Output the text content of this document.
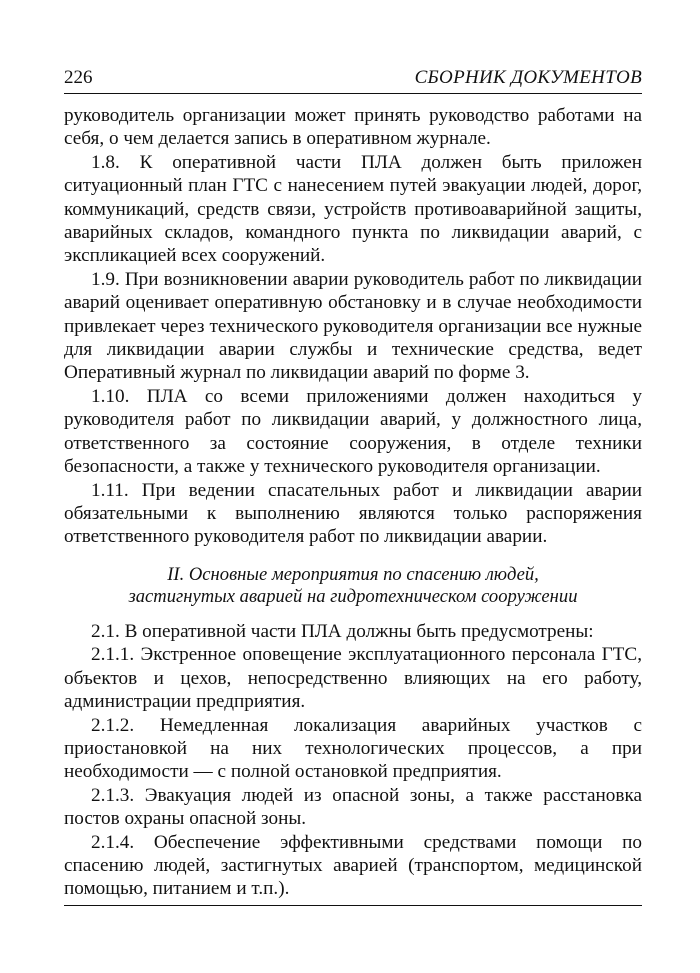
226	СБОРНИК ДОКУМЕНТОВ

руководитель организации может принять руководство работами на себя, о чем делается запись в оперативном журнале.

1.8. К оперативной части ПЛА должен быть приложен ситуационный план ГТС с нанесением путей эвакуации людей, дорог, коммуникаций, средств связи, устройств противоаварийной защиты, аварийных складов, командного пункта по ликвидации аварий, с экспликацией всех сооружений.

1.9. При возникновении аварии руководитель работ по ликвидации аварий оценивает оперативную обстановку и в случае необходимости привлекает через технического руководителя организации все нужные для ликвидации аварии службы и технические средства, ведет Оперативный журнал по ликвидации аварий по форме 3.

1.10. ПЛА со всеми приложениями должен находиться у руководителя работ по ликвидации аварий, у должностного лица, ответственного за состояние сооружения, в отделе техники безопасности, а также у технического руководителя организации.

1.11. При ведении спасательных работ и ликвидации аварии обязательными к выполнению являются только распоряжения ответственного руководителя работ по ликвидации аварии.

II. Основные мероприятия по спасению людей,
застигнутых аварией на гидротехническом сооружении

2.1. В оперативной части ПЛА должны быть предусмотрены:

2.1.1. Экстренное оповещение эксплуатационного персонала ГТС, объектов и цехов, непосредственно влияющих на его работу, администрации предприятия.

2.1.2. Немедленная локализация аварийных участков с приостановкой на них технологических процессов, а при необходимости — с полной остановкой предприятия.

2.1.3. Эвакуация людей из опасной зоны, а также расстановка постов охраны опасной зоны.

2.1.4. Обеспечение эффективными средствами помощи по спасению людей, застигнутых аварией (транспортом, медицинской помощью, питанием и т.п.).
